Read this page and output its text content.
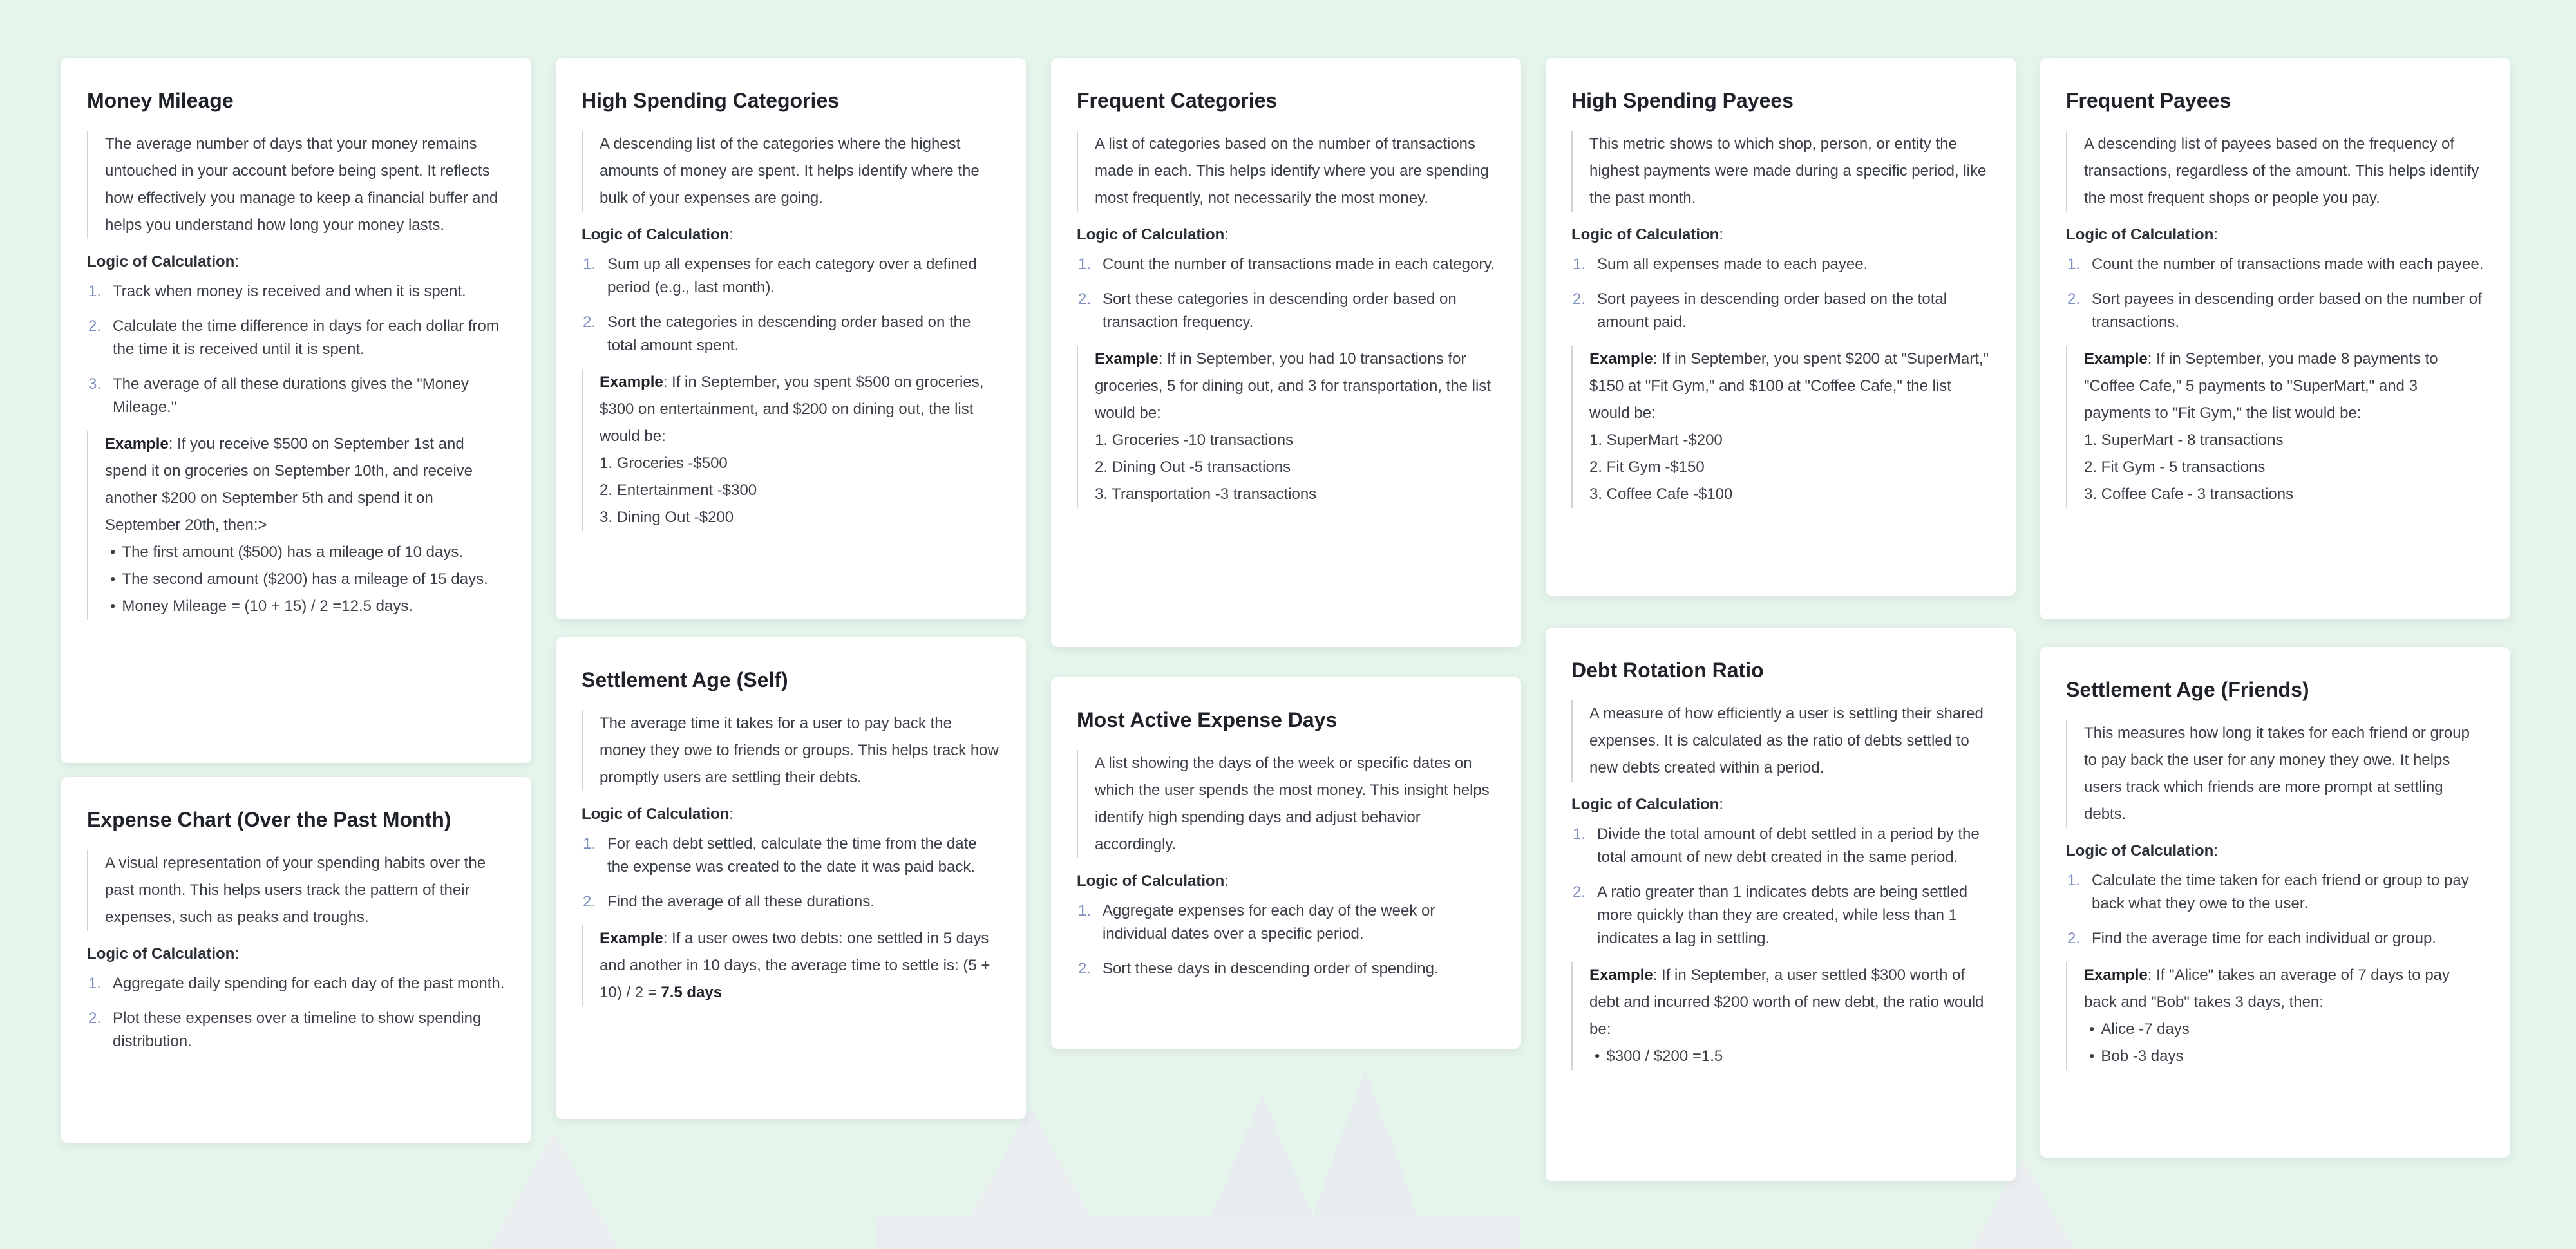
Money Mileage
The average number of days that your money remains untouched in your account before being spent. It reflects how effectively you manage to keep a financial buffer and helps you understand how long your money lasts.
Logic of Calculation:
1. Track when money is received and when it is spent.
2. Calculate the time difference in days for each dollar from the time it is received until it is spent.
3. The average of all these durations gives the "Money Mileage."
Example: If you receive $500 on September 1st and spend it on groceries on September 10th, and receive another $200 on September 5th and spend it on September 20th, then:>
• The first amount ($500) has a mileage of 10 days.
• The second amount ($200) has a mileage of 15 days.
• Money Mileage = (10 + 15) / 2 =12.5 days.
Expense Chart (Over the Past Month)
A visual representation of your spending habits over the past month. This helps users track the pattern of their expenses, such as peaks and troughs.
Logic of Calculation:
1. Aggregate daily spending for each day of the past month.
2. Plot these expenses over a timeline to show spending distribution.
High Spending Categories
A descending list of the categories where the highest amounts of money are spent. It helps identify where the bulk of your expenses are going.
Logic of Calculation:
1. Sum up all expenses for each category over a defined period (e.g., last month).
2. Sort the categories in descending order based on the total amount spent.
Example: If in September, you spent $500 on groceries, $300 on entertainment, and $200 on dining out, the list would be:
1. Groceries -$500
2. Entertainment -$300
3. Dining Out -$200
Settlement Age (Self)
The average time it takes for a user to pay back the money they owe to friends or groups. This helps track how promptly users are settling their debts.
Logic of Calculation:
1. For each debt settled, calculate the time from the date the expense was created to the date it was paid back.
2. Find the average of all these durations.
Example: If a user owes two debts: one settled in 5 days and another in 10 days, the average time to settle is: (5 + 10) / 2 = 7.5 days
Frequent Categories
A list of categories based on the number of transactions made in each. This helps identify where you are spending most frequently, not necessarily the most money.
Logic of Calculation:
1. Count the number of transactions made in each category.
2. Sort these categories in descending order based on transaction frequency.
Example: If in September, you had 10 transactions for groceries, 5 for dining out, and 3 for transportation, the list would be:
1. Groceries -10 transactions
2. Dining Out -5 transactions
3. Transportation -3 transactions
Most Active Expense Days
A list showing the days of the week or specific dates on which the user spends the most money. This insight helps identify high spending days and adjust behavior accordingly.
Logic of Calculation:
1. Aggregate expenses for each day of the week or individual dates over a specific period.
2. Sort these days in descending order of spending.
High Spending Payees
This metric shows to which shop, person, or entity the highest payments were made during a specific period, like the past month.
Logic of Calculation:
1. Sum all expenses made to each payee.
2. Sort payees in descending order based on the total amount paid.
Example: If in September, you spent $200 at "SuperMart," $150 at "Fit Gym," and $100 at "Coffee Cafe," the list would be:
1. SuperMart -$200
2. Fit Gym -$150
3. Coffee Cafe -$100
Debt Rotation Ratio
A measure of how efficiently a user is settling their shared expenses. It is calculated as the ratio of debts settled to new debts created within a period.
Logic of Calculation:
1. Divide the total amount of debt settled in a period by the total amount of new debt created in the same period.
2. A ratio greater than 1 indicates debts are being settled more quickly than they are created, while less than 1 indicates a lag in settling.
Example: If in September, a user settled $300 worth of debt and incurred $200 worth of new debt, the ratio would be:
• $300 / $200 =1.5
Frequent Payees
A descending list of payees based on the frequency of transactions, regardless of the amount. This helps identify the most frequent shops or people you pay.
Logic of Calculation:
1. Count the number of transactions made with each payee.
2. Sort payees in descending order based on the number of transactions.
Example: If in September, you made 8 payments to "Coffee Cafe," 5 payments to "SuperMart," and 3 payments to "Fit Gym," the list would be:
1. SuperMart - 8 transactions
2. Fit Gym - 5 transactions
3. Coffee Cafe - 3 transactions
Settlement Age (Friends)
This measures how long it takes for each friend or group to pay back the user for any money they owe. It helps users track which friends are more prompt at settling debts.
Logic of Calculation:
1. Calculate the time taken for each friend or group to pay back what they owe to the user.
2. Find the average time for each individual or group.
Example: If "Alice" takes an average of 7 days to pay back and "Bob" takes 3 days, then:
• Alice -7 days
• Bob -3 days
